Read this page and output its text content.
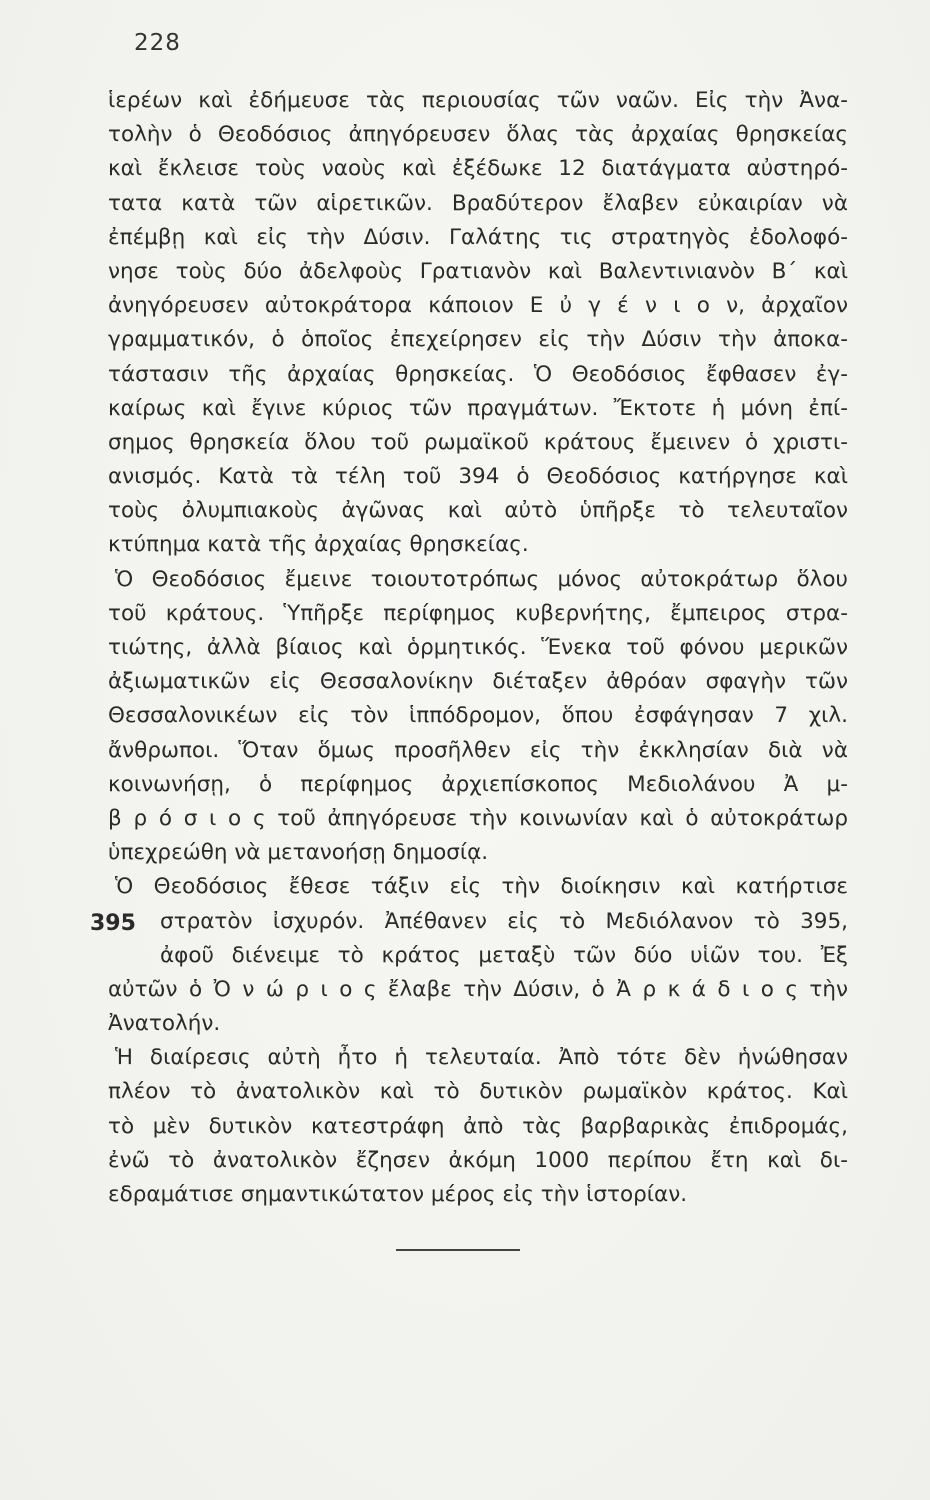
228
395
ἱερέων καὶ ἐδήμευσε τὰς περιουσίας τῶν ναῶν. Εἰς τὴν Ἀνα-
τολὴν ὁ Θεοδόσιος ἀπηγόρευσεν ὅλας τὰς ἀρχαίας θρησκείας
καὶ ἔκλεισε τοὺς ναοὺς καὶ ἐξέδωκε 12 διατάγματα αὐστηρό-
τατα κατὰ τῶν αἱρετικῶν. Βραδύτερον ἔλαβεν εὐκαιρίαν νὰ
ἐπέμβῃ καὶ εἰς τὴν Δύσιν. Γαλάτης τις στρατηγὸς ἐδολοφό-
νησε τοὺς δύο ἀδελφοὺς Γρατιανὸν καὶ Βαλεντινιανὸν Β΄ καὶ
ἀνηγόρευσεν αὐτοκράτορα κάποιον Ε ὐ γ έ ν ι ο ν, ἀρχαῖον
γραμματικόν, ὁ ὁποῖος ἐπεχείρησεν εἰς τὴν Δύσιν τὴν ἀποκα-
τάστασιν τῆς ἀρχαίας θρησκείας. Ὁ Θεοδόσιος ἔφθασεν ἐγ-
καίρως καὶ ἔγινε κύριος τῶν πραγμάτων. Ἔκτοτε ἡ μόνη ἐπί-
σημος θρησκεία ὅλου τοῦ ρωμαϊκοῦ κράτους ἔμεινεν ὁ χριστι-
ανισμός. Κατὰ τὰ τέλη τοῦ 394 ὁ Θεοδόσιος κατήργησε καὶ
τοὺς ὀλυμπιακοὺς ἀγῶνας καὶ αὐτὸ ὑπῆρξε τὸ τελευταῖον
κτύπημα κατὰ τῆς ἀρχαίας θρησκείας.
Ὁ Θεοδόσιος ἔμεινε τοιουτοτρόπως μόνος αὐτοκράτωρ ὅλου
τοῦ κράτους. Ὑπῆρξε περίφημος κυβερνήτης, ἔμπειρος στρα-
τιώτης, ἀλλὰ βίαιος καὶ ὁρμητικός. Ἕνεκα τοῦ φόνου μερικῶν
ἀξιωματικῶν εἰς Θεσσαλονίκην διέταξεν ἀθρόαν σφαγὴν τῶν
Θεσσαλονικέων εἰς τὸν ἱππόδρομον, ὅπου ἐσφάγησαν 7 χιλ.
ἄνθρωποι. Ὅταν ὅμως προσῆλθεν εἰς τὴν ἐκκλησίαν διὰ νὰ
κοινωνήσῃ, ὁ περίφημος ἀρχιεπίσκοπος Μεδιολάνου Ἀ μ-
β ρ ό σ ι ο ς τοῦ ἀπηγόρευσε τὴν κοινωνίαν καὶ ὁ αὐτοκράτωρ
ὑπεχρεώθη νὰ μετανοήσῃ δημοσίᾳ.
Ὁ Θεοδόσιος ἔθεσε τάξιν εἰς τὴν διοίκησιν καὶ κατήρτισε
στρατὸν ἰσχυρόν. Ἀπέθανεν εἰς τὸ Μεδιόλανον τὸ 395,
ἀφοῦ διένειμε τὸ κράτος μεταξὺ τῶν δύο υἱῶν του. Ἐξ
αὐτῶν ὁ Ὀ ν ώ ρ ι ο ς ἔλαβε τὴν Δύσιν, ὁ Ἀ ρ κ ά δ ι ο ς τὴν
Ἀνατολήν.
Ἡ διαίρεσις αὐτὴ ἦτο ἡ τελευταία. Ἀπὸ τότε δὲν ἡνώθησαν
πλέον τὸ ἀνατολικὸν καὶ τὸ δυτικὸν ρωμαϊκὸν κράτος. Καὶ
τὸ μὲν δυτικὸν κατεστράφη ἀπὸ τὰς βαρβαρικὰς ἐπιδρομάς,
ἐνῶ τὸ ἀνατολικὸν ἔζησεν ἀκόμη 1000 περίπου ἔτη καὶ δι-
εδραμάτισε σημαντικώτατον μέρος εἰς τὴν ἱστορίαν.
